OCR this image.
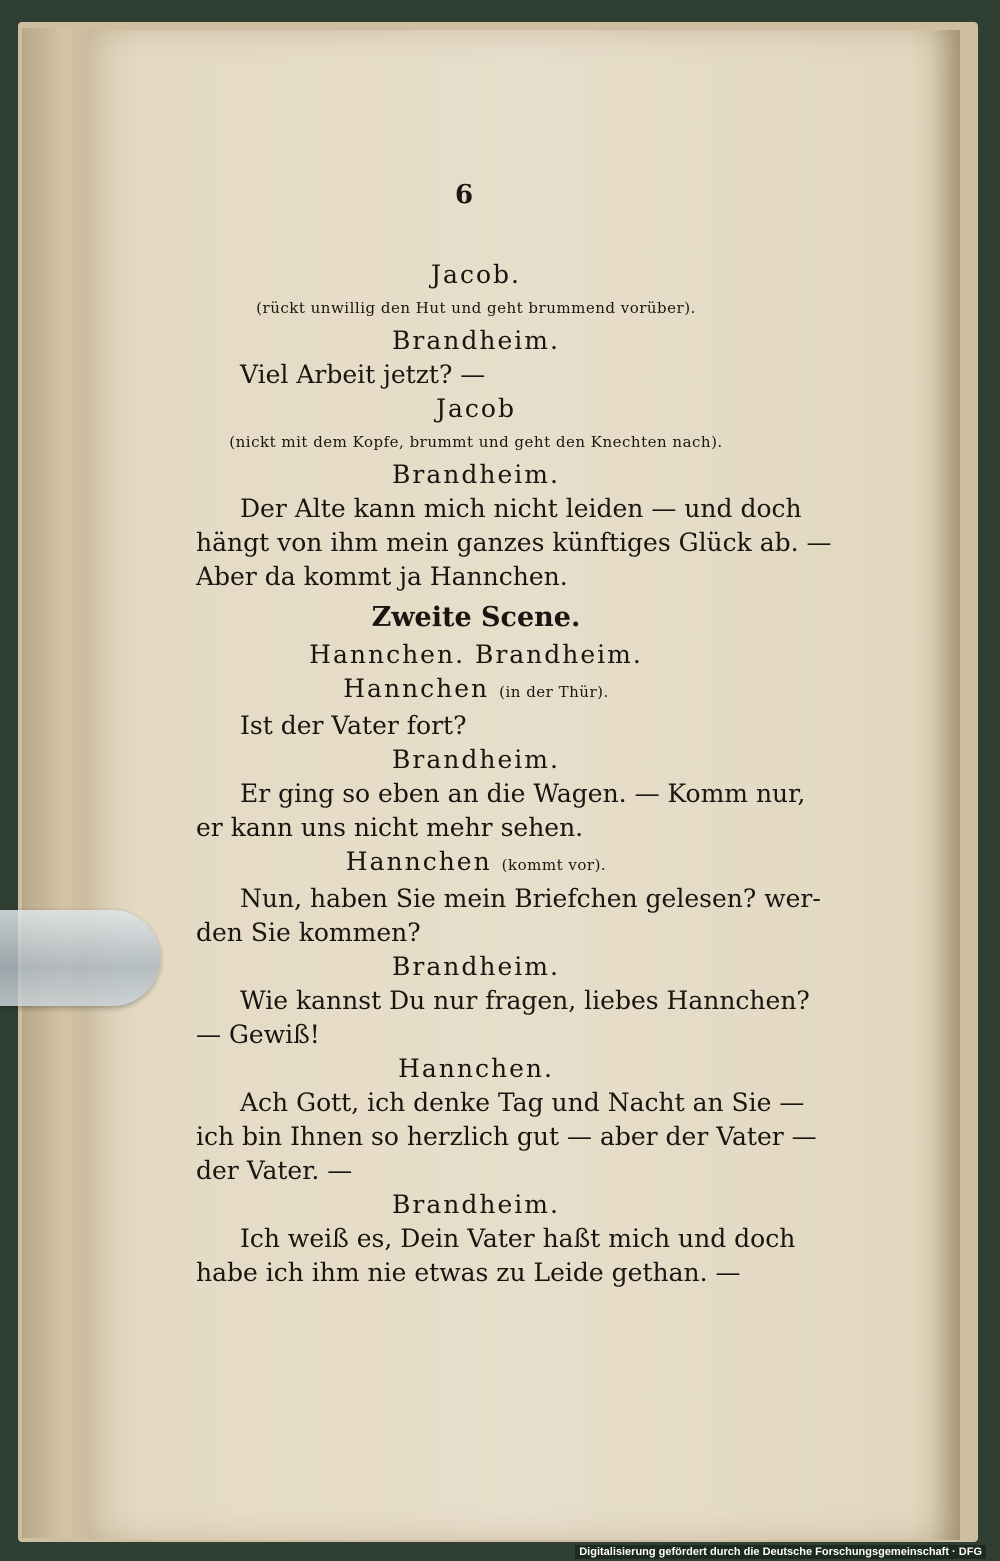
Jacob.
(rückt unwillig den Hut und geht brummend vorüber).
Brandheim.
Viel Arbeit jetzt? —
Jacob
(nickt mit dem Kopfe, brummt und geht den Knechten nach).
Brandheim.
Der Alte kann mich nicht leiden — und doch
hängt von ihm mein ganzes künftiges Glück ab. —
Aber da kommt ja Hannchen.
Zweite Scene.
Hannchen. Brandheim.
Hannchen (in der Thür).
Ist der Vater fort?
Brandheim.
Er ging so eben an die Wagen. — Komm nur,
er kann uns nicht mehr sehen.
Hannchen (kommt vor).
Nun, haben Sie mein Briefchen gelesen? wer-
den Sie kommen?
Brandheim.
Wie kannst Du nur fragen, liebes Hannchen?
— Gewiß!
Hannchen.
Ach Gott, ich denke Tag und Nacht an Sie —
ich bin Ihnen so herzlich gut — aber der Vater —
der Vater. —
Brandheim.
Ich weiß es, Dein Vater haßt mich und doch
habe ich ihm nie etwas zu Leide gethan. —
Digitalisierung gefördert durch die Deutsche Forschungsgemeinschaft · DFG
